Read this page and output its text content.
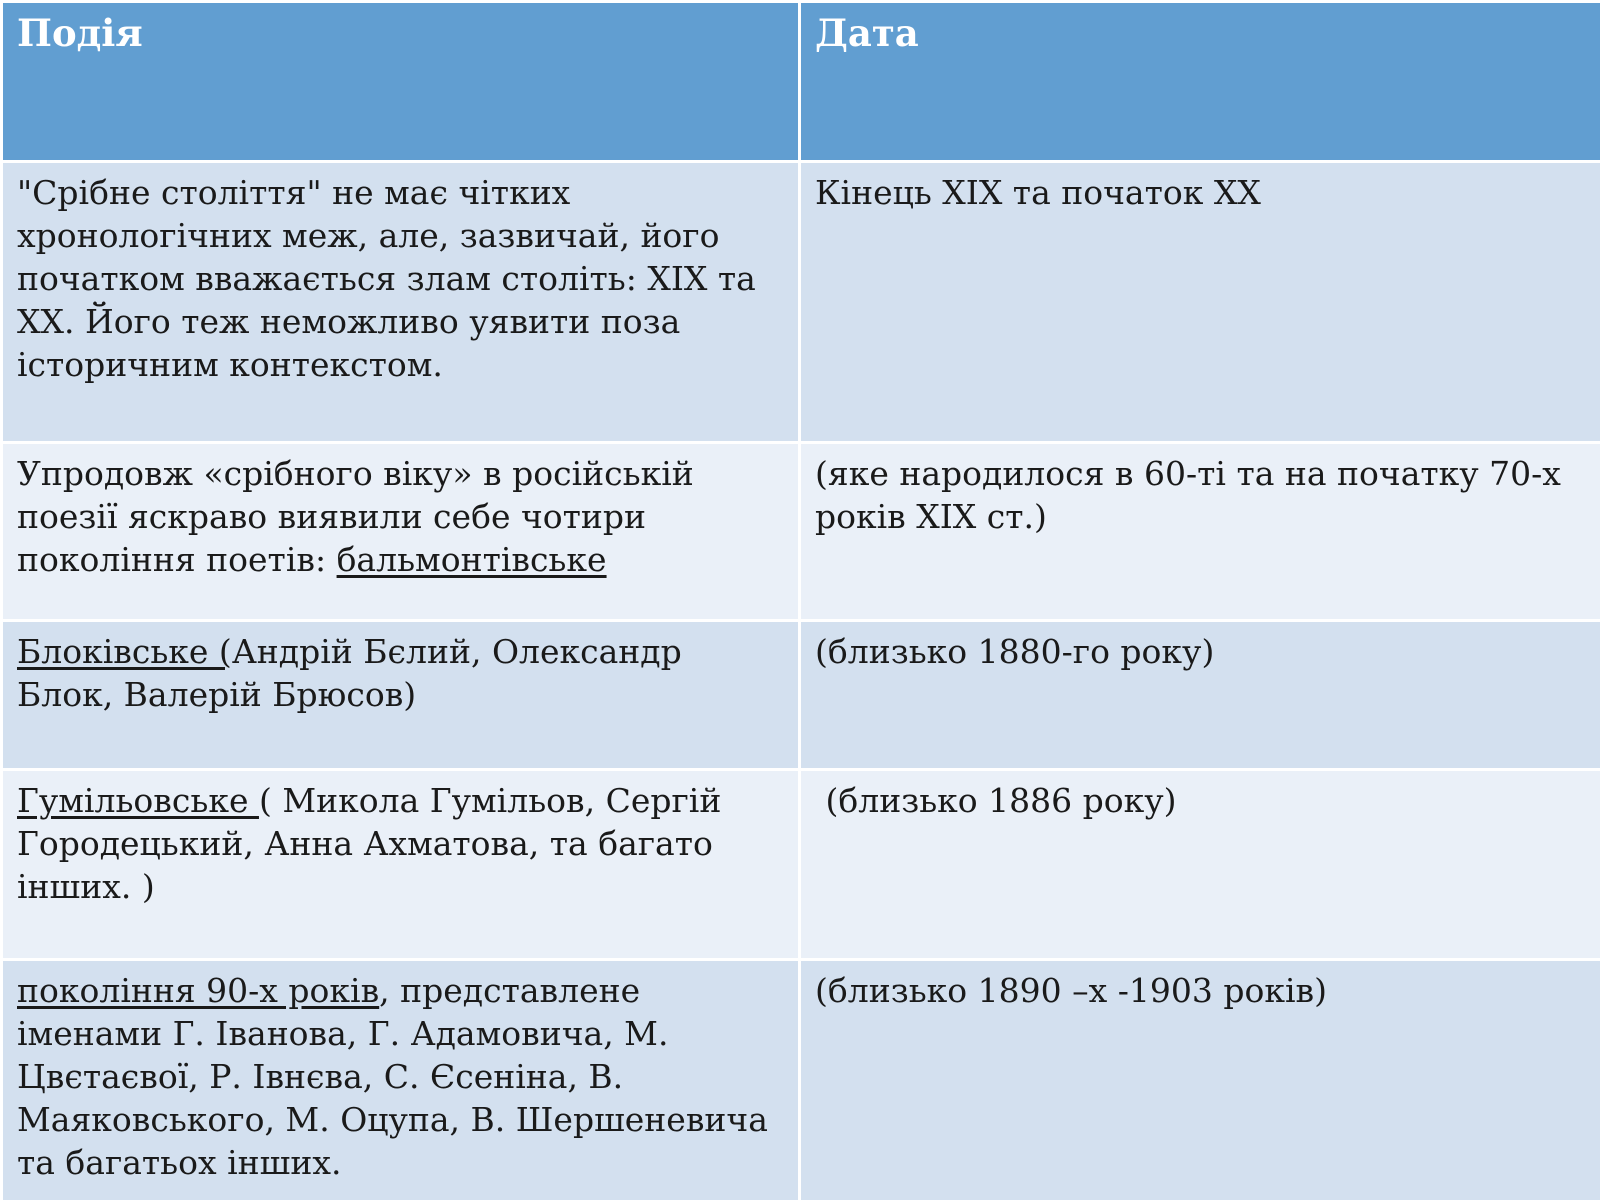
Подія	Дата
"Срібне століття" не має чітких хронологічних меж, але, зазвичай, його початком вважається злам століть: XIX та XX. Його теж неможливо уявити поза історичним контекстом.	Кінець XIX та початок XX
Упродовж «срібного віку» в російській поезії яскраво виявили себе чотири покоління поетів: бальмонтівське	(яке народилося в 60-ті та на початку 70-х років XIX ст.)
Блоківське (Андрій Бєлий, Олександр Блок, Валерій Брюсов)	(близько 1880-го року)
Гумільовське ( Микола Гумільов, Сергій Городецький, Анна Ахматова, та багато інших. )	(близько 1886 року)
покоління 90-х років, представлене іменами Г. Іванова, Г. Адамовича, М. Цвєтаєвої, Р. Івнєва, С. Єсеніна, В. Маяковського, М. Оцупа, В. Шершеневича та багатьох інших.	(близько 1890 –х -1903 років)
